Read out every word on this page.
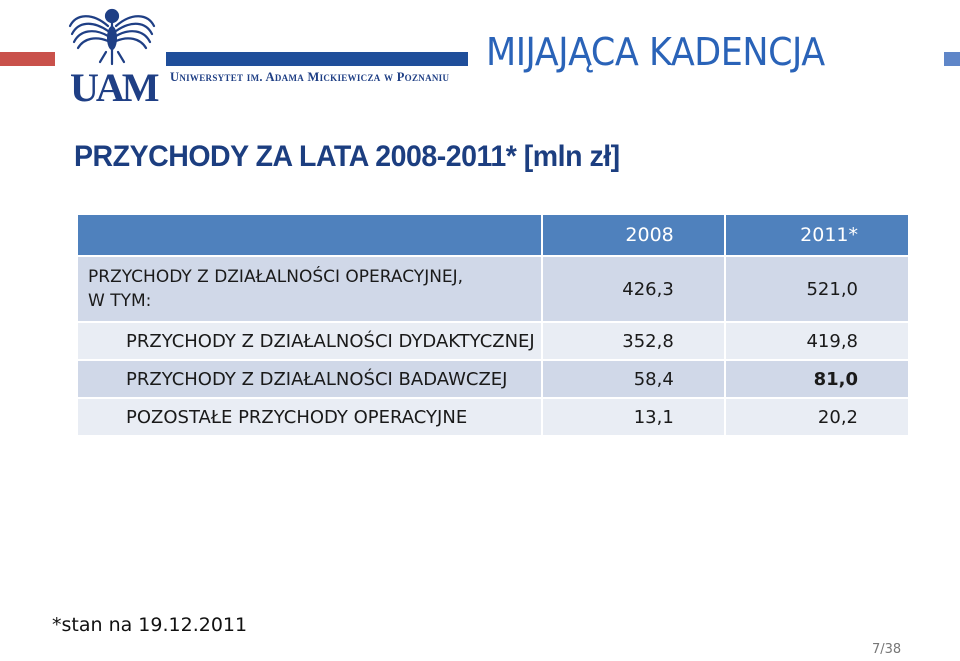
UAM Uniwersytet im. Adama Mickiewicza w Poznaniu
MIJAJĄCA KADENCJA
PRZYCHODY ZA LATA 2008-2011* [mln zł]
	2008	2011*

PRZYCHODY Z DZIAŁALNOŚCI OPERACYJNEJ,
W TYM:	426,3	521,0
PRZYCHODY Z DZIAŁALNOŚCI DYDAKTYCZNEJ	352,8	419,8
PRZYCHODY Z DZIAŁALNOŚCI BADAWCZEJ	58,4	81,0
POZOSTAŁE PRZYCHODY OPERACYJNE	13,1	20,2
*stan na 19.12.2011
7/38
